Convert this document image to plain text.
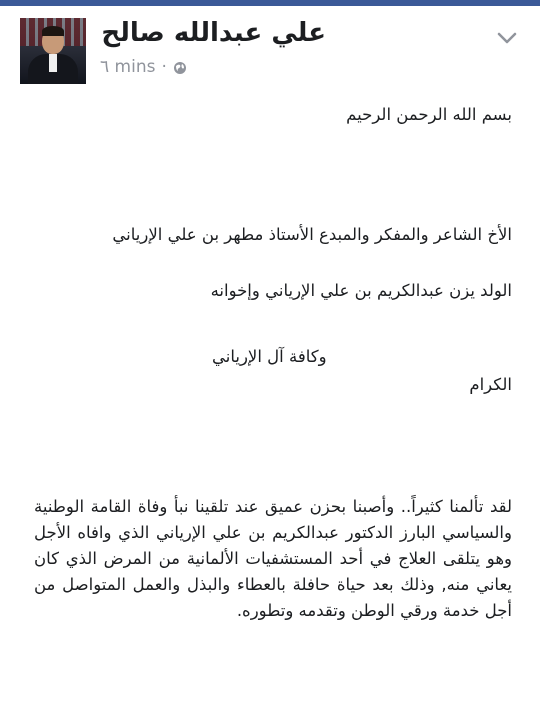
علي عبدالله صالح
٦ mins ·

بسم الله الرحمن الرحيم

الأخ الشاعر والمفكر والمبدع الأستاذ مطهر بن علي الإرياني

الولد يزن عبدالكريم بن علي الإرياني وإخوانه

وكافة آل الإرياني

الكرام

لقد تألمنا كثيراً.. وأصبنا بحزن عميق عند تلقينا نبأ وفاة القامة الوطنية والسياسي البارز الدكتور عبدالكريم بن علي الإرياني الذي وافاه الأجل وهو يتلقى العلاج في أحد المستشفيات الألمانية من المرض الذي كان يعاني منه, وذلك بعد حياة حافلة بالعطاء والبذل والعمل المتواصل من أجل خدمة ورقي الوطن وتقدمه وتطوره.
